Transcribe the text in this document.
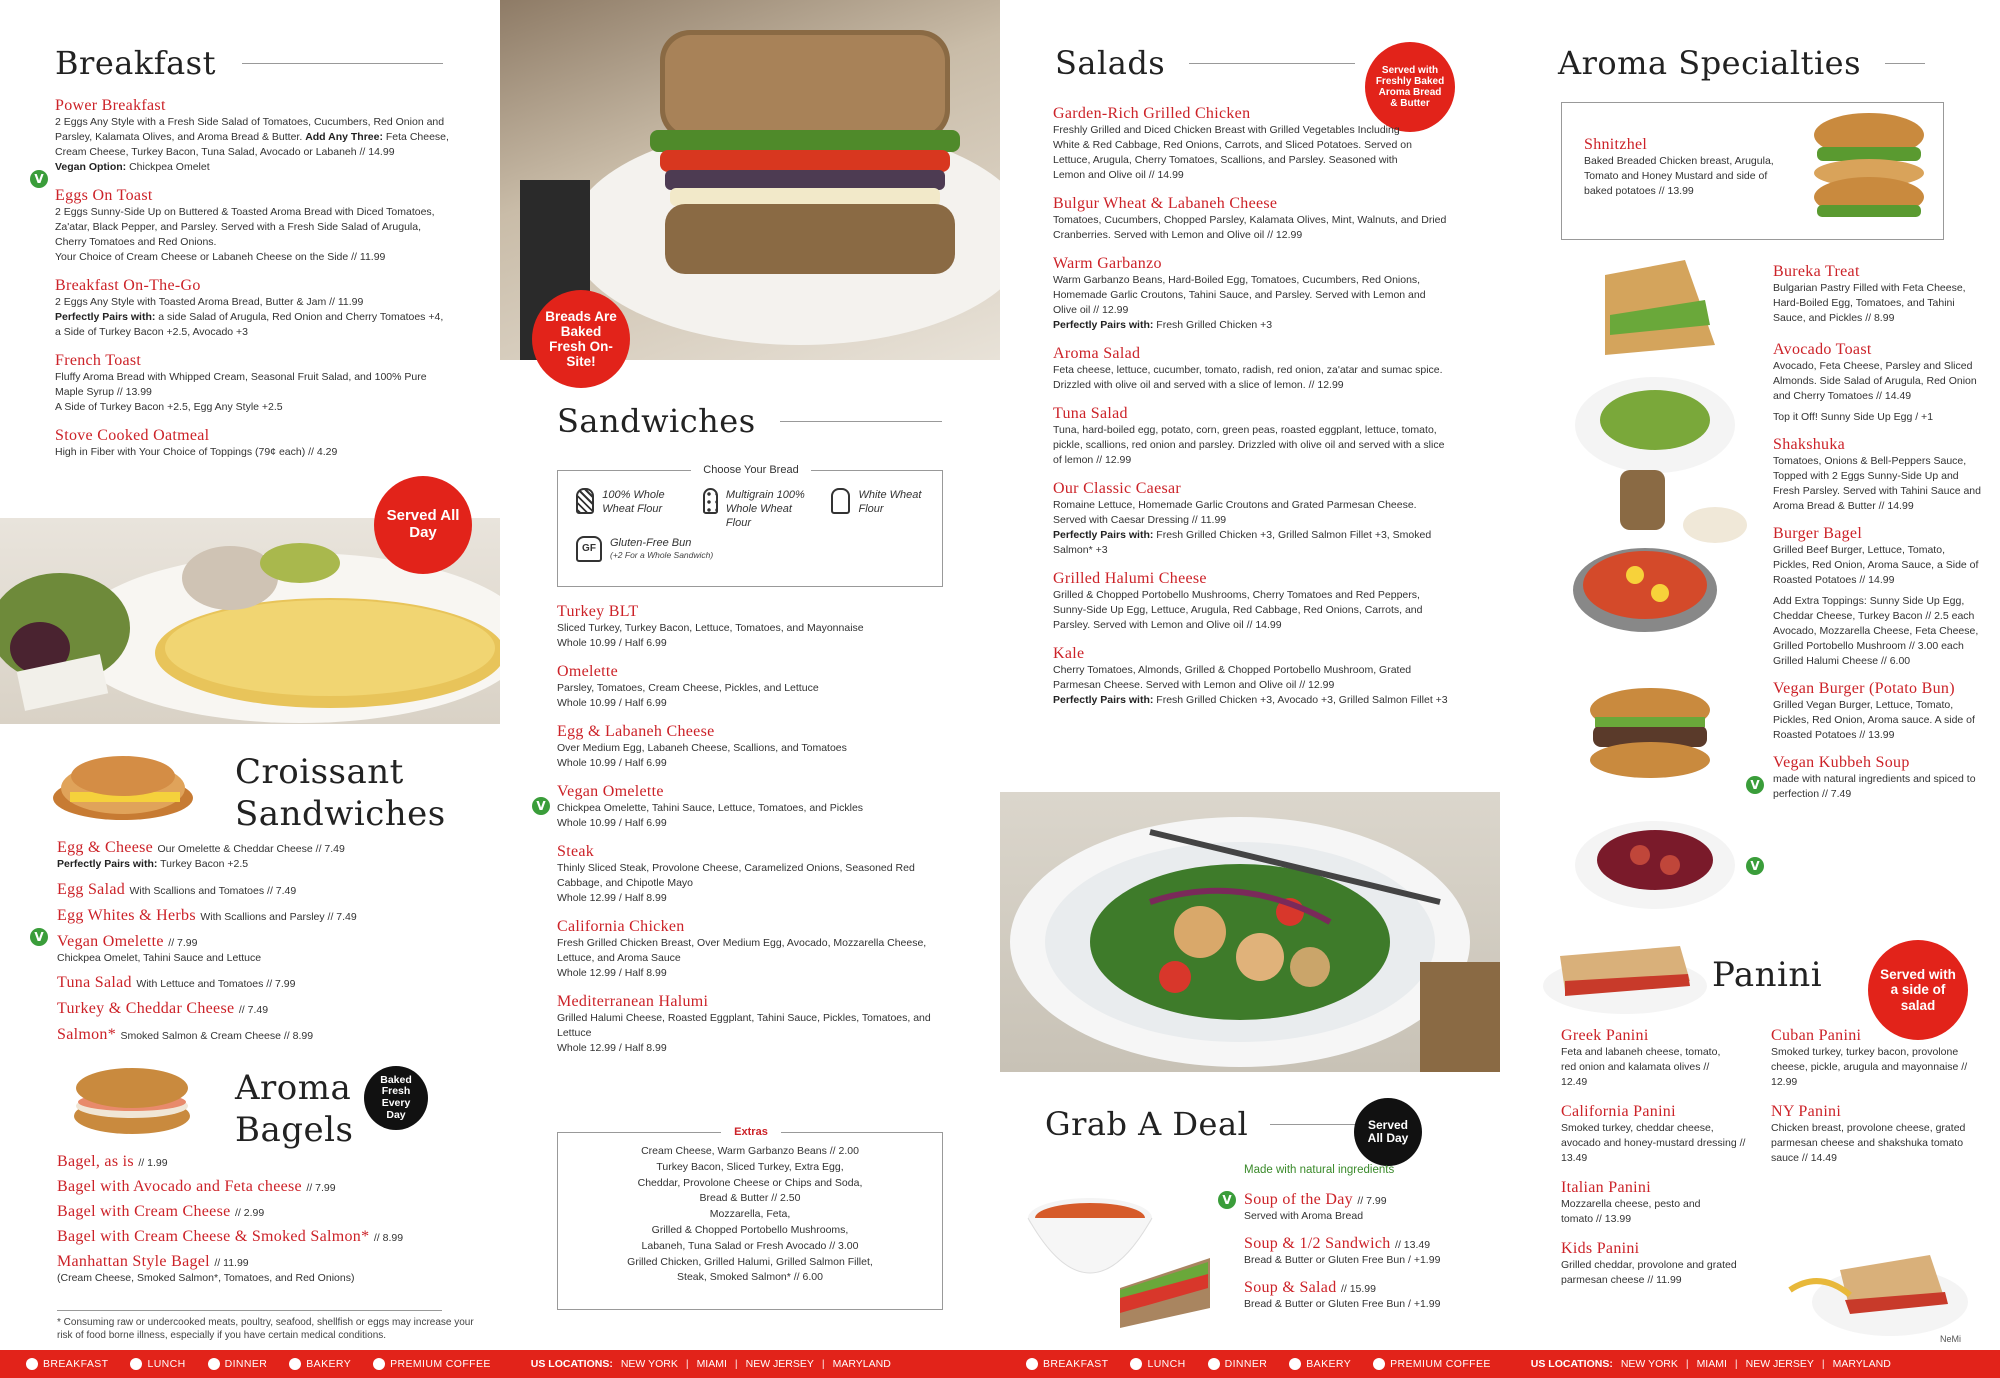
Breakfast
Power Breakfast
2 Eggs Any Style with a Fresh Side Salad of Tomatoes, Cucumbers, Red Onion and Parsley, Kalamata Olives, and Aroma Bread & Butter. Add Any Three: Feta Cheese, Cream Cheese, Turkey Bacon, Tuna Salad, Avocado or Labaneh // 14.99
Vegan Option: Chickpea Omelet
Eggs On Toast
2 Eggs Sunny-Side Up on Buttered & Toasted Aroma Bread with Diced Tomatoes, Za'atar, Black Pepper, and Parsley. Served with a Fresh Side Salad of Arugula, Cherry Tomatoes and Red Onions.
Your Choice of Cream Cheese or Labaneh Cheese on the Side // 11.99
Breakfast On-The-Go
2 Eggs Any Style with Toasted Aroma Bread, Butter & Jam // 11.99
Perfectly Pairs with: a side Salad of Arugula, Red Onion and Cherry Tomatoes +4,
a Side of Turkey Bacon +2.5, Avocado +3
French Toast
Fluffy Aroma Bread with Whipped Cream, Seasonal Fruit Salad, and 100% Pure Maple Syrup // 13.99
A Side of Turkey Bacon +2.5, Egg Any Style +2.5
Stove Cooked Oatmeal
High in Fiber with Your Choice of Toppings (79¢ each) // 4.29
V
Served All Day
Croissant
Sandwiches
Egg & Cheese Our Omelette & Cheddar Cheese // 7.49
Perfectly Pairs with: Turkey Bacon +2.5
Egg Salad With Scallions and Tomatoes // 7.49
Egg Whites & Herbs With Scallions and Parsley // 7.49
Vegan Omelette // 7.99
Chickpea Omelet, Tahini Sauce and Lettuce
Tuna Salad With Lettuce and Tomatoes // 7.99
Turkey & Cheddar Cheese // 7.49
Salmon* Smoked Salmon & Cream Cheese // 8.99
V
Aroma
Bagels
Baked Fresh Every Day
Bagel, as is // 1.99
Bagel with Avocado and Feta cheese // 7.99
Bagel with Cream Cheese // 2.99
Bagel with Cream Cheese & Smoked Salmon* // 8.99
Manhattan Style Bagel // 11.99
(Cream Cheese, Smoked Salmon*, Tomatoes, and Red Onions)
* Consuming raw or undercooked meats, poultry, seafood, shellfish or eggs may increase your risk of food borne illness, especially if you have certain medical conditions.
Breads Are Baked Fresh On-Site!
Sandwiches
Choose Your Bread
100% Whole Wheat Flour
Multigrain 100% Whole Wheat Flour
White Wheat Flour
GF	Gluten-Free Bun
(+2 For a Whole Sandwich)
Turkey BLT
Sliced Turkey, Turkey Bacon, Lettuce, Tomatoes, and Mayonnaise
Whole 10.99 / Half 6.99
Omelette
Parsley, Tomatoes, Cream Cheese, Pickles, and Lettuce
Whole 10.99 / Half 6.99
Egg & Labaneh Cheese
Over Medium Egg, Labaneh Cheese, Scallions, and Tomatoes
Whole 10.99 / Half 6.99
Vegan Omelette
Chickpea Omelette, Tahini Sauce, Lettuce, Tomatoes, and Pickles
Whole 10.99 / Half 6.99
Steak
Thinly Sliced Steak, Provolone Cheese, Caramelized Onions, Seasoned Red Cabbage, and Chipotle Mayo
Whole 12.99 / Half 8.99
California Chicken
Fresh Grilled Chicken Breast, Over Medium Egg, Avocado, Mozzarella Cheese, Lettuce, and Aroma Sauce
Whole 12.99 / Half 8.99
Mediterranean Halumi
Grilled Halumi Cheese, Roasted Eggplant, Tahini Sauce, Pickles, Tomatoes, and Lettuce
Whole 12.99 / Half 8.99
V
Extras
Cream Cheese, Warm Garbanzo Beans // 2.00
Turkey Bacon, Sliced Turkey, Extra Egg,
Cheddar, Provolone Cheese or Chips and Soda,
Bread & Butter // 2.50
Mozzarella, Feta,
Grilled & Chopped Portobello Mushrooms,
Labaneh, Tuna Salad or Fresh Avocado // 3.00
Grilled Chicken, Grilled Halumi, Grilled Salmon Fillet,
Steak, Smoked Salmon* // 6.00
Salads	Served with Freshly Baked Aroma Bread & Butter
Garden-Rich Grilled Chicken
Freshly Grilled and Diced Chicken Breast with Grilled Vegetables Including White & Red Cabbage, Red Onions, Carrots, and Sliced Potatoes. Served on Lettuce, Arugula, Cherry Tomatoes, Scallions, and Parsley. Seasoned with Lemon and Olive oil // 14.99
Bulgur Wheat & Labaneh Cheese
Tomatoes, Cucumbers, Chopped Parsley, Kalamata Olives, Mint, Walnuts, and Dried Cranberries. Served with Lemon and Olive oil // 12.99
Warm Garbanzo
Warm Garbanzo Beans, Hard-Boiled Egg, Tomatoes, Cucumbers, Red Onions, Homemade Garlic Croutons, Tahini Sauce, and Parsley. Served with Lemon and Olive oil // 12.99
Perfectly Pairs with: Fresh Grilled Chicken +3
Aroma Salad
Feta cheese, lettuce, cucumber, tomato, radish, red onion, za'atar and sumac spice. Drizzled with olive oil and served with a slice of lemon. // 12.99
Tuna Salad
Tuna, hard-boiled egg, potato, corn, green peas, roasted eggplant, lettuce, tomato, pickle, scallions, red onion and parsley. Drizzled with olive oil and served with a slice of lemon // 12.99
Our Classic Caesar
Romaine Lettuce, Homemade Garlic Croutons and Grated Parmesan Cheese. Served with Caesar Dressing // 11.99
Perfectly Pairs with: Fresh Grilled Chicken +3, Grilled Salmon Fillet +3, Smoked Salmon* +3
Grilled Halumi Cheese
Grilled & Chopped Portobello Mushrooms, Cherry Tomatoes and Red Peppers, Sunny-Side Up Egg, Lettuce, Arugula, Red Cabbage, Red Onions, Carrots, and Parsley. Served with Lemon and Olive oil // 14.99
Kale
Cherry Tomatoes, Almonds, Grilled & Chopped Portobello Mushroom, Grated Parmesan Cheese. Served with Lemon and Olive oil // 12.99
Perfectly Pairs with: Fresh Grilled Chicken +3, Avocado +3, Grilled Salmon Fillet +3
Grab A Deal	Served All Day
Made with natural ingredients
Soup of the Day // 7.99
Served with Aroma Bread
Soup & 1/2 Sandwich // 13.49
Bread & Butter or Gluten Free Bun / +1.99
Soup & Salad // 15.99
Bread & Butter or Gluten Free Bun / +1.99
V
Aroma Specialties
Shnitzhel
Baked Breaded Chicken breast, Arugula, Tomato and Honey Mustard and side of baked potatoes // 13.99
Bureka Treat
Bulgarian Pastry Filled with Feta Cheese, Hard-Boiled Egg, Tomatoes, and Tahini Sauce, and Pickles // 8.99
Avocado Toast
Avocado, Feta Cheese, Parsley and Sliced Almonds. Side Salad of Arugula, Red Onion and Cherry Tomatoes // 14.49
Top it Off! Sunny Side Up Egg / +1
Shakshuka
Tomatoes, Onions & Bell-Peppers Sauce, Topped with 2 Eggs Sunny-Side Up and Fresh Parsley. Served with Tahini Sauce and Aroma Bread & Butter // 14.99
Burger Bagel
Grilled Beef Burger, Lettuce, Tomato, Pickles, Red Onion, Aroma Sauce, a Side of Roasted Potatoes // 14.99
Add Extra Toppings: Sunny Side Up Egg, Cheddar Cheese, Turkey Bacon // 2.5 each Avocado, Mozzarella Cheese, Feta Cheese, Grilled Portobello Mushroom // 3.00 each Grilled Halumi Cheese // 6.00
Vegan Burger (Potato Bun)
Grilled Vegan Burger, Lettuce, Tomato, Pickles, Red Onion, Aroma sauce. A side of Roasted Potatoes // 13.99
Vegan Kubbeh Soup
made with natural ingredients and spiced to perfection // 7.49
V
V
Panini	Served with a side of salad
Greek Panini
Feta and labaneh cheese, tomato, red onion and kalamata olives // 12.49
California Panini
Smoked turkey, cheddar cheese, avocado and honey-mustard dressing // 13.49
Italian Panini
Mozzarella cheese, pesto and tomato // 13.99
Kids Panini
Grilled cheddar, provolone and grated parmesan cheese // 11.99
Cuban Panini
Smoked turkey, turkey bacon, provolone cheese, pickle, arugula and mayonnaise // 12.99
NY Panini
Chicken breast, provolone cheese, grated parmesan cheese and shakshuka tomato sauce // 14.49
NeMi
BREAKFAST	LUNCH	DINNER	BAKERY	PREMIUM COFFEE	US LOCATIONS: NEW YORK | MIAMI | NEW JERSEY | MARYLAND	BREAKFAST	LUNCH	DINNER	BAKERY	PREMIUM COFFEE	US LOCATIONS: NEW YORK | MIAMI | NEW JERSEY | MARYLAND
